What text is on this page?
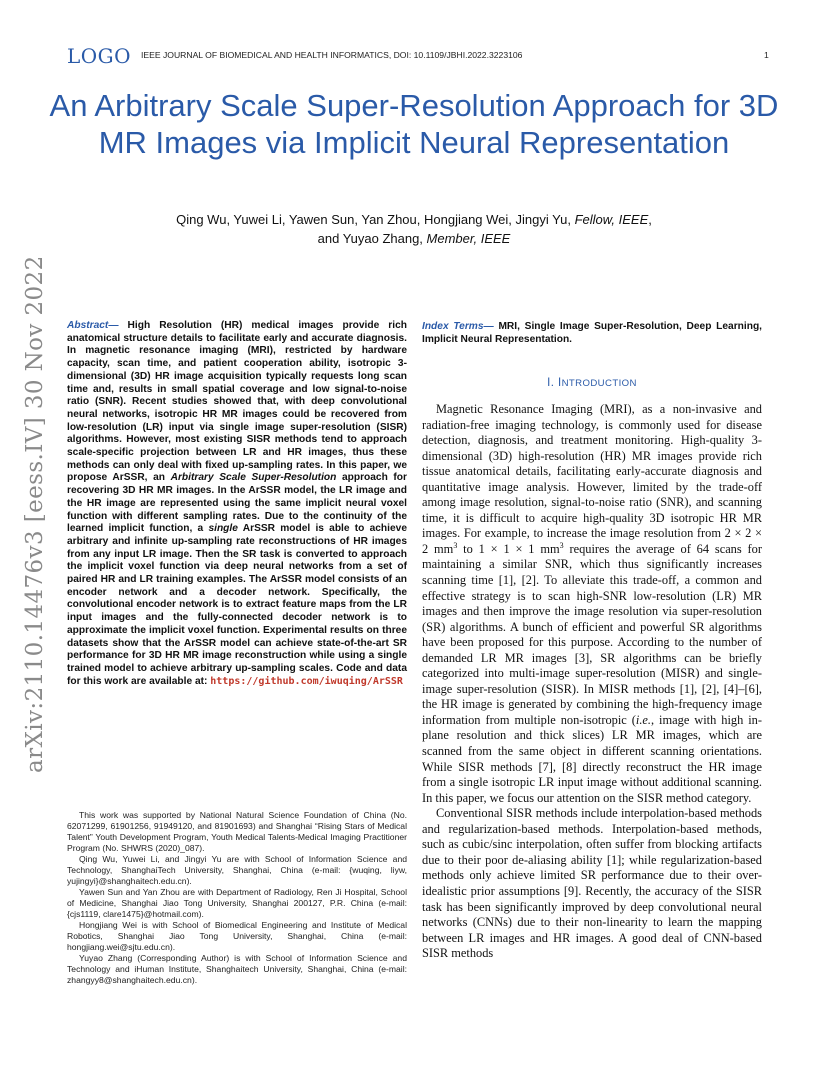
LOGO IEEE JOURNAL OF BIOMEDICAL AND HEALTH INFORMATICS, DOI: 10.1109/JBHI.2022.3223106	1
arXiv:2110.14476v3 [eess.IV] 30 Nov 2022
An Arbitrary Scale Super-Resolution Approach for 3D MR Images via Implicit Neural Representation
Qing Wu, Yuwei Li, Yawen Sun, Yan Zhou, Hongjiang Wei, Jingyi Yu, Fellow, IEEE,
and Yuyao Zhang, Member, IEEE
Abstract— High Resolution (HR) medical images provide rich anatomical structure details to facilitate early and accurate diagnosis. In magnetic resonance imaging (MRI), restricted by hardware capacity, scan time, and patient cooperation ability, isotropic 3-dimensional (3D) HR image acquisition typically requests long scan time and, results in small spatial coverage and low signal-to-noise ratio (SNR). Recent studies showed that, with deep convolutional neural networks, isotropic HR MR images could be recovered from low-resolution (LR) input via single image super-resolution (SISR) algorithms. However, most existing SISR methods tend to approach scale-specific projection between LR and HR images, thus these methods can only deal with fixed up-sampling rates. In this paper, we propose ArSSR, an Arbitrary Scale Super-Resolution approach for recovering 3D HR MR images. In the ArSSR model, the LR image and the HR image are represented using the same implicit neural voxel function with different sampling rates. Due to the continuity of the learned implicit function, a single ArSSR model is able to achieve arbitrary and infinite up-sampling rate reconstructions of HR images from any input LR image. Then the SR task is converted to approach the implicit voxel function via deep neural networks from a set of paired HR and LR training examples. The ArSSR model consists of an encoder network and a decoder network. Specifically, the convolutional encoder network is to extract feature maps from the LR input images and the fully-connected decoder network is to approximate the implicit voxel function. Experimental results on three datasets show that the ArSSR model can achieve state-of-the-art SR performance for 3D HR MR image reconstruction while using a single trained model to achieve arbitrary up-sampling scales. Code and data for this work are available at: https://github.com/iwuqing/ArSSR

This work was supported by National Natural Science Foundation of China (No. 62071299, 61901256, 91949120, and 81901693) and Shanghai “Rising Stars of Medical Talent” Youth Development Program, Youth Medical Talents-Medical Imaging Practitioner Program (No. SHWRS (2020)_087).

Qing Wu, Yuwei Li, and Jingyi Yu are with School of Information Science and Technology, ShanghaiTech University, Shanghai, China (e-mail: {wuqing, liyw, yujingyi}@shanghaitech.edu.cn).

Yawen Sun and Yan Zhou are with Department of Radiology, Ren Ji Hospital, School of Medicine, Shanghai Jiao Tong University, Shanghai 200127, P.R. China (e-mail: {cjs1119, clare1475}@hotmail.com).

Hongjiang Wei is with School of Biomedical Engineering and Institute of Medical Robotics, Shanghai Jiao Tong University, Shanghai, China (e-mail: hongjiang.wei@sjtu.edu.cn).

Yuyao Zhang (Corresponding Author) is with School of Information Science and Technology and iHuman Institute, Shanghaitech University, Shanghai, China (e-mail: zhangyy8@shanghaitech.edu.cn).

Index Terms— MRI, Single Image Super-Resolution, Deep Learning, Implicit Neural Representation.
I. INTRODUCTION

Magnetic Resonance Imaging (MRI), as a non-invasive and radiation-free imaging technology, is commonly used for disease detection, diagnosis, and treatment monitoring. High-quality 3-dimensional (3D) high-resolution (HR) MR images provide rich tissue anatomical details, facilitating early-accurate diagnosis and quantitative image analysis. However, limited by the trade-off among image resolution, signal-to-noise ratio (SNR), and scanning time, it is difficult to acquire high-quality 3D isotropic HR MR images. For example, to increase the image resolution from 2 × 2 × 2 $mm^3$ to 1 × 1 × 1 $mm^3$ requires the average of 64 scans for maintaining a similar SNR, which thus significantly increases scanning time [1], [2]. To alleviate this trade-off, a common and effective strategy is to scan high-SNR low-resolution (LR) MR images and then improve the image resolution via super-resolution (SR) algorithms. A bunch of efficient and powerful SR algorithms have been proposed for this purpose. According to the number of demanded LR MR images [3], SR algorithms can be briefly categorized into multi-image super-resolution (MISR) and single-image super-resolution (SISR). In MISR methods [1], [2], [4]–[6], the HR image is generated by combining the high-frequency image information from multiple non-isotropic (i.e., image with high in-plane resolution and thick slices) LR MR images, which are scanned from the same object in different scanning orientations. While SISR methods [7], [8] directly reconstruct the HR image from a single isotropic LR input image without additional scanning. In this paper, we focus our attention on the SISR method category.

Conventional SISR methods include interpolation-based methods and regularization-based methods. Interpolation-based methods, such as cubic/sinc interpolation, often suffer from blocking artifacts due to their poor de-aliasing ability [1]; while regularization-based methods only achieve limited SR performance due to their over-idealistic prior assumptions [9]. Recently, the accuracy of the SISR task has been significantly improved by deep convolutional neural networks (CNNs) due to their non-linearity to learn the mapping between LR images and HR images. A good deal of CNN-based SISR methods
